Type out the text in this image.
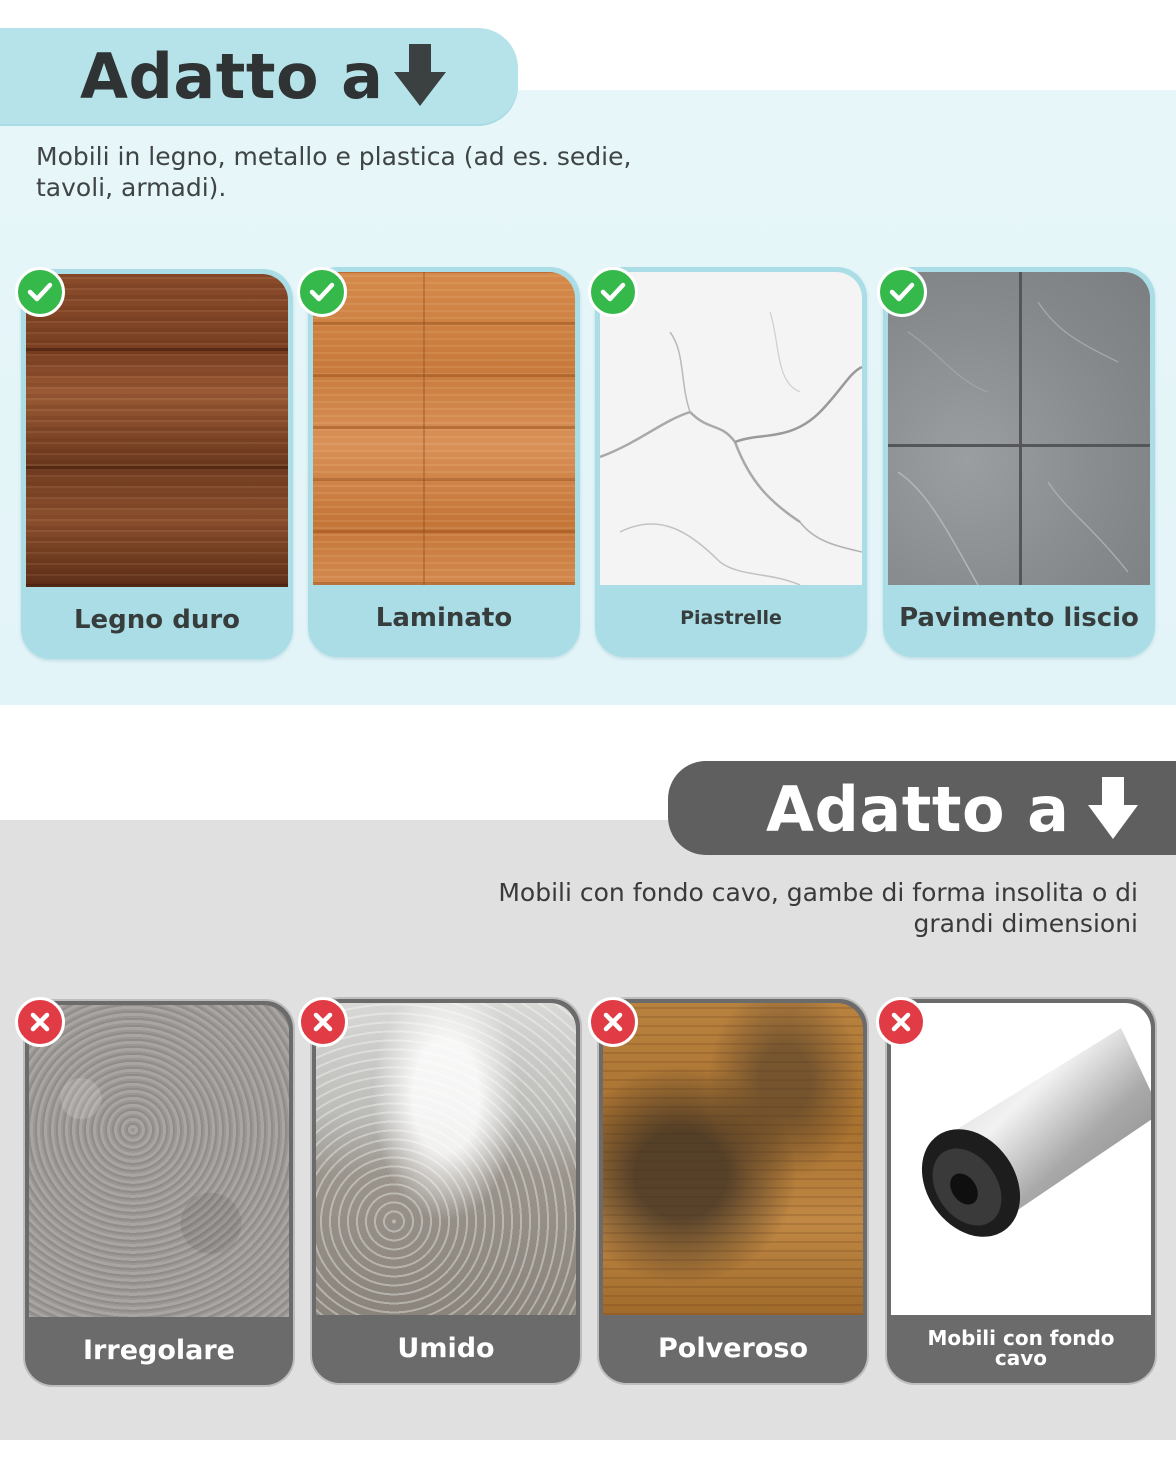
Adatto a
Mobili in legno, metallo e plastica (ad es. sedie, tavoli, armadi).
Legno duro	Laminato	Piastrelle	Pavimento liscio
Adatto a
Mobili con fondo cavo, gambe di forma insolita o di grandi dimensioni
Irregolare	Umido	Polveroso	Mobili con fondo cavo
